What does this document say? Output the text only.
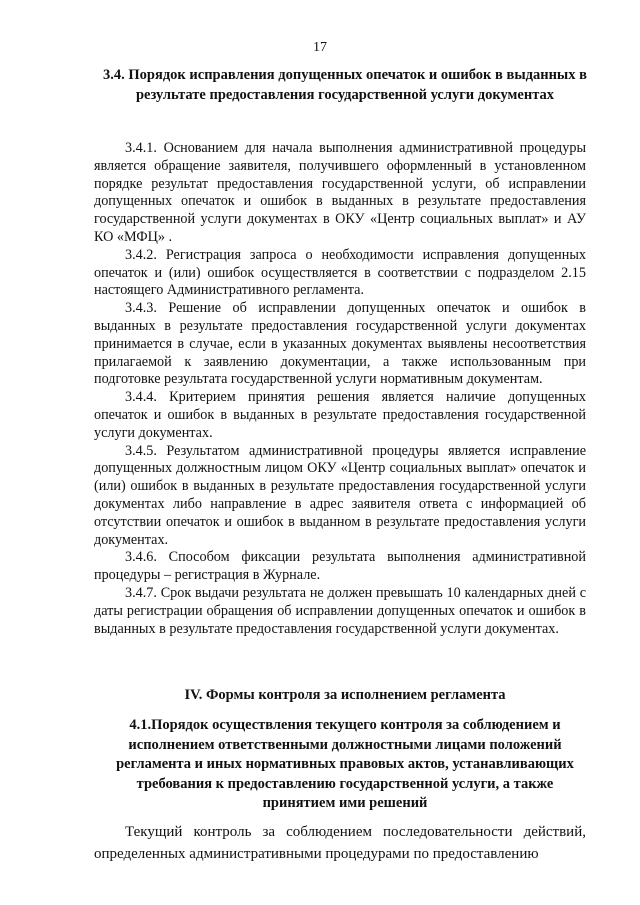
17
3.4. Порядок исправления допущенных опечаток и ошибок в выданных в результате предоставления государственной услуги документах

3.4.1. Основанием для начала выполнения административной процедуры является обращение заявителя, получившего оформленный в установленном порядке результат предоставления государственной услуги, об исправлении допущенных опечаток и ошибок в выданных в результате предоставления государственной услуги документах в ОКУ «Центр социальных выплат» и АУ КО «МФЦ» .

3.4.2. Регистрация запроса о необходимости исправления допущенных опечаток и (или) ошибок осуществляется в соответствии с подразделом 2.15 настоящего Административного регламента.

3.4.3. Решение об исправлении допущенных опечаток и ошибок в выданных в результате предоставления государственной услуги документах принимается в случае, если в указанных документах выявлены несоответствия прилагаемой к заявлению документации, а также использованным при подготовке результата государственной услуги нормативным документам.

3.4.4. Критерием принятия решения является наличие допущенных опечаток и ошибок в выданных в результате предоставления государственной услуги документах.

3.4.5. Результатом административной процедуры является исправление допущенных должностным лицом ОКУ «Центр социальных выплат» опечаток и (или) ошибок в выданных в результате предоставления государственной услуги документах либо направление в адрес заявителя ответа с информацией об отсутствии опечаток и ошибок в выданном в результате предоставления услуги документах.

3.4.6. Способом фиксации результата выполнения административной процедуры – регистрация в Журнале.

3.4.7. Срок выдачи результата не должен превышать 10 календарных дней с даты регистрации обращения об исправлении допущенных опечаток и ошибок в выданных в результате предоставления государственной услуги документах.

IV. Формы контроля за исполнением регламента
4.1.Порядок осуществления текущего контроля за соблюдением и исполнением ответственными должностными лицами положений регламента и иных нормативных правовых актов, устанавливающих требования к предоставлению государственной услуги, а также принятием ими решений

Текущий контроль за соблюдением последовательности действий, определенных административными процедурами по предоставлению
